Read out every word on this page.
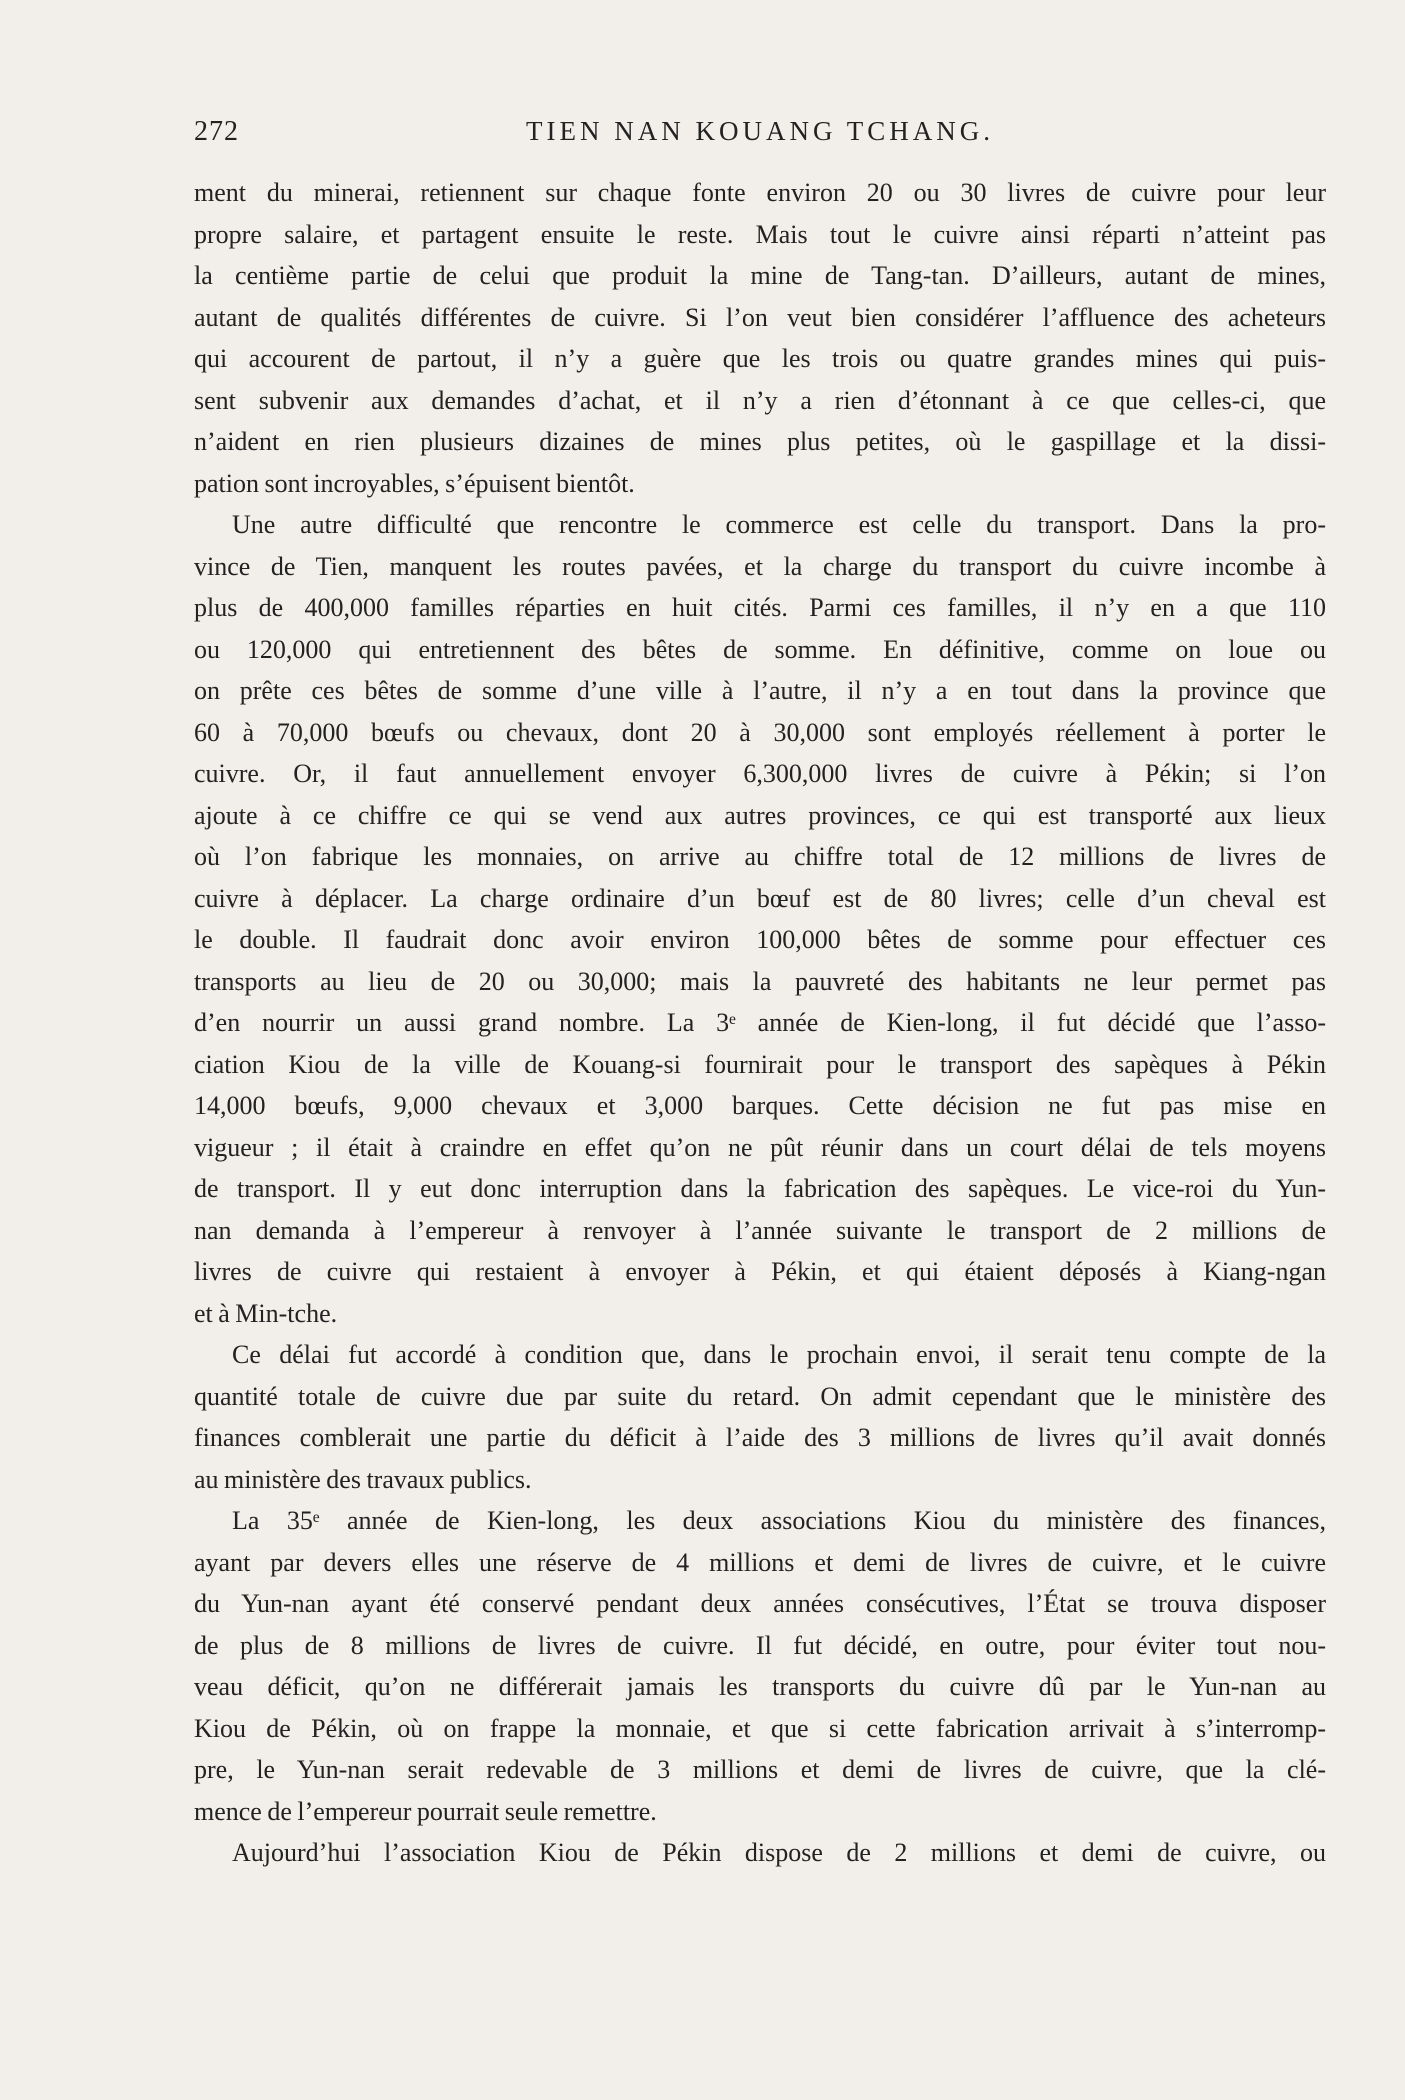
272	TIEN NAN KOUANG TCHANG.
ment du minerai, retiennent sur chaque fonte environ 20 ou 30 livres de cuivre pour leur
propre salaire, et partagent ensuite le reste. Mais tout le cuivre ainsi réparti n’atteint pas
la centième partie de celui que produit la mine de Tang-tan. D’ailleurs, autant de mines,
autant de qualités différentes de cuivre. Si l’on veut bien considérer l’affluence des acheteurs
qui accourent de partout, il n’y a guère que les trois ou quatre grandes mines qui puis-
sent subvenir aux demandes d’achat, et il n’y a rien d’étonnant à ce que celles-ci, que
n’aident en rien plusieurs dizaines de mines plus petites, où le gaspillage et la dissi-
pation sont incroyables, s’épuisent bientôt.
Une autre difficulté que rencontre le commerce est celle du transport. Dans la pro-
vince de Tien, manquent les routes pavées, et la charge du transport du cuivre incombe à
plus de 400,000 familles réparties en huit cités. Parmi ces familles, il n’y en a que 110
ou 120,000 qui entretiennent des bêtes de somme. En définitive, comme on loue ou
on prête ces bêtes de somme d’une ville à l’autre, il n’y a en tout dans la province que
60 à 70,000 bœufs ou chevaux, dont 20 à 30,000 sont employés réellement à porter le
cuivre. Or, il faut annuellement envoyer 6,300,000 livres de cuivre à Pékin; si l’on
ajoute à ce chiffre ce qui se vend aux autres provinces, ce qui est transporté aux lieux
où l’on fabrique les monnaies, on arrive au chiffre total de 12 millions de livres de
cuivre à déplacer. La charge ordinaire d’un bœuf est de 80 livres; celle d’un cheval est
le double. Il faudrait donc avoir environ 100,000 bêtes de somme pour effectuer ces
transports au lieu de 20 ou 30,000; mais la pauvreté des habitants ne leur permet pas
d’en nourrir un aussi grand nombre. La 3ᵉ année de Kien-long, il fut décidé que l’asso-
ciation Kiou de la ville de Kouang-si fournirait pour le transport des sapèques à Pékin
14,000 bœufs, 9,000 chevaux et 3,000 barques. Cette décision ne fut pas mise en
vigueur ; il était à craindre en effet qu’on ne pût réunir dans un court délai de tels moyens
de transport. Il y eut donc interruption dans la fabrication des sapèques. Le vice-roi du Yun-
nan demanda à l’empereur à renvoyer à l’année suivante le transport de 2 millions de
livres de cuivre qui restaient à envoyer à Pékin, et qui étaient déposés à Kiang-ngan
et à Min-tche.
Ce délai fut accordé à condition que, dans le prochain envoi, il serait tenu compte de la
quantité totale de cuivre due par suite du retard. On admit cependant que le ministère des
finances comblerait une partie du déficit à l’aide des 3 millions de livres qu’il avait donnés
au ministère des travaux publics.
La 35ᵉ année de Kien-long, les deux associations Kiou du ministère des finances,
ayant par devers elles une réserve de 4 millions et demi de livres de cuivre, et le cuivre
du Yun-nan ayant été conservé pendant deux années consécutives, l’État se trouva disposer
de plus de 8 millions de livres de cuivre. Il fut décidé, en outre, pour éviter tout nou-
veau déficit, qu’on ne différerait jamais les transports du cuivre dû par le Yun-nan au
Kiou de Pékin, où on frappe la monnaie, et que si cette fabrication arrivait à s’interromp-
pre, le Yun-nan serait redevable de 3 millions et demi de livres de cuivre, que la clé-
mence de l’empereur pourrait seule remettre.
Aujourd’hui l’association Kiou de Pékin dispose de 2 millions et demi de cuivre, ou
